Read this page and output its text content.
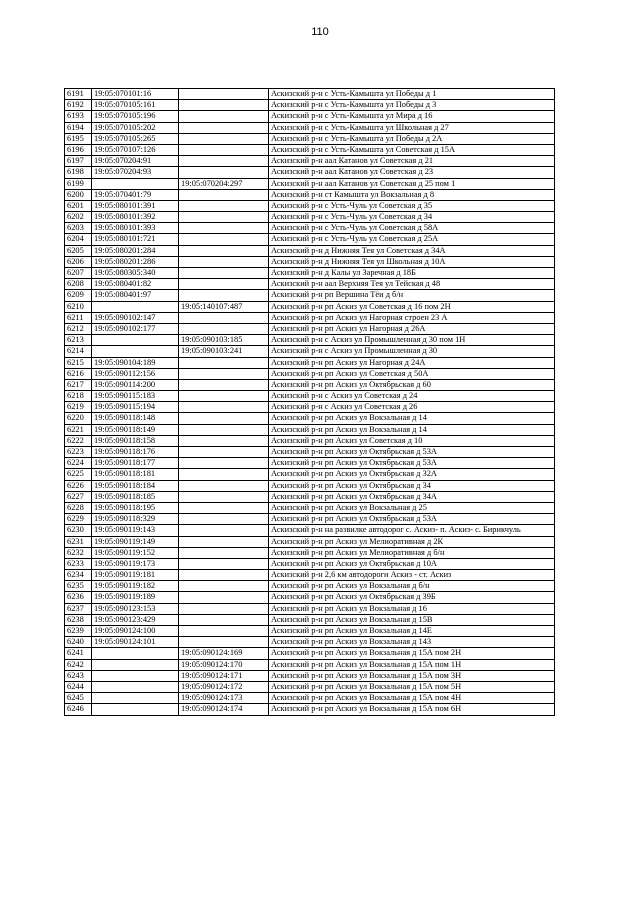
110
6191	19:05:070101:16		Аскизский р-н с Усть-Камышта ул Победы д 1
6192	19:05:070105:161		Аскизский р-н с Усть-Камышта ул Победы д 3
6193	19:05:070105:196		Аскизский р-н с Усть-Камышта ул Мира д 16
6194	19:05:070105:202		Аскизский р-н с Усть-Камышта ул Школьная д 27
6195	19:05:070105:265		Аскизский р-н с Усть-Камышта ул Победы д 2А
6196	19:05:070107:126		Аскизский р-н с Усть-Камышта ул Советская д 15А
6197	19:05:070204:91		Аскизский р-н аал Катанов ул Советская д 21
6198	19:05:070204:93		Аскизский р-н аал Катанов ул Советская д 23
6199		19:05:070204:297	Аскизский р-н аал Катанов ул Советская д 25 пом 1
6200	19:05:070401:79		Аскизский р-н ст Камышта ул Вокзальная д 8
6201	19:05:080101:391		Аскизский р-н с Усть-Чуль ул Советская д 35
6202	19:05:080101:392		Аскизский р-н с Усть-Чуль ул Советская д 34
6203	19:05:080101:393		Аскизский р-н с Усть-Чуль ул Советская д 58А
6204	19:05:080101:721		Аскизский р-н с Усть-Чуль ул Советская д 25А
6205	19:05:080201:284		Аскизский р-н д Нижняя Тея ул Советская д 34А
6206	19:05:080201:286		Аскизский р-н д Нижняя Тея ул Школьная д 10А
6207	19:05:080305:340		Аскизский р-н д Калы ул Заречная д 18Б
6208	19:05:080401:82		Аскизский р-н аал Верхняя Тея ул Тейская д 48
6209	19:05:080401:97		Аскизский р-н рп Вершина Тёи д б/н
6210		19:05:140107:487	Аскизский р-н рп Аскиз ул Советская д 16 пом 2Н
6211	19:05:090102:147		Аскизский р-н рп Аскиз ул Нагорная строен 23 А
6212	19:05:090102:177		Аскизский р-н рп Аскиз ул Нагорная д 26А
6213		19:05:090103:185	Аскизский р-н с Аскиз ул Промышленная д 30 пом 1Н
6214		19:05:090103:241	Аскизский р-н с Аскиз ул Промышленная д 30
6215	19:05:090104:189		Аскизский р-н рп Аскиз ул Нагорная д 24А
6216	19:05:090112:156		Аскизский р-н рп Аскиз ул Советская д 50А
6217	19:05:090114:200		Аскизский р-н рп Аскиз ул Октябрьская д 60
6218	19:05:090115:183		Аскизский р-н с Аскиз ул Советская д 24
6219	19:05:090115:194		Аскизский р-н с Аскиз ул Советская д 26
6220	19:05:090118:148		Аскизский р-н рп Аскиз ул Вокзальная д 14
6221	19:05:090118:149		Аскизский р-н рп Аскиз ул Вокзальная д 14
6222	19:05:090118:158		Аскизский р-н рп Аскиз ул Советская д 10
6223	19:05:090118:176		Аскизский р-н рп Аскиз ул Октябрьская д 53А
6224	19:05:090118:177		Аскизский р-н рп Аскиз ул Октябрьская д 53А
6225	19:05:090118:181		Аскизский р-н рп Аскиз ул Октябрьская д 32А
6226	19:05:090118:184		Аскизский р-н рп Аскиз ул Октябрьская д 34
6227	19:05:090118:185		Аскизский р-н рп Аскиз ул Октябрьская д 34А
6228	19:05:090118:195		Аскизский р-н рп Аскиз ул Вокзальная д 25
6229	19:05:090118:329		Аскизский р-н рп Аскиз ул Октябрьская д 53А
6230	19:05:090119:143		Аскизский р-н на развилке автодорог с. Аскиз- п. Аскиз- с. Бирикчуль
6231	19:05:090119:149		Аскизский р-н рп Аскиз ул Мелиоративная д 2К
6232	19:05:090119:152		Аскизский р-н рп Аскиз ул Мелиоративная д б/н
6233	19:05:090119:173		Аскизский р-н рп Аскиз ул Октябрьская д 10А
6234	19:05:090119:181		Аскизский р-н 2,6 км автодороги Аскиз - ст. Аскиз
6235	19:05:090119:182		Аскизский р-н рп Аскиз ул Вокзальная д б/н
6236	19:05:090119:189		Аскизский р-н рп Аскиз ул Октябрьская д 39Б
6237	19:05:090123:153		Аскизский р-н рп Аскиз ул Вокзальная д 16
6238	19:05:090123:429		Аскизский р-н рп Аскиз ул Вокзальная д 15В
6239	19:05:090124:100		Аскизский р-н рп Аскиз ул Вокзальная д 14Е
6240	19:05:090124:101		Аскизский р-н рп Аскиз ул Вокзальная д 143
6241		19:05:090124:169	Аскизский р-н рп Аскиз ул Вокзальная д 15А пом 2Н
6242		19:05:090124:170	Аскизский р-н рп Аскиз ул Вокзальная д 15А пом 1Н
6243		19:05:090124:171	Аскизский р-н рп Аскиз ул Вокзальная д 15А пом 3Н
6244		19:05:090124:172	Аскизский р-н рп Аскиз ул Вокзальная д 15А пом 5Н
6245		19:05:090124:173	Аскизский р-н рп Аскиз ул Вокзальная д 15А пом 4Н
6246		19:05:090124:174	Аскизский р-н рп Аскиз ул Вокзальная д 15А пом 6Н
